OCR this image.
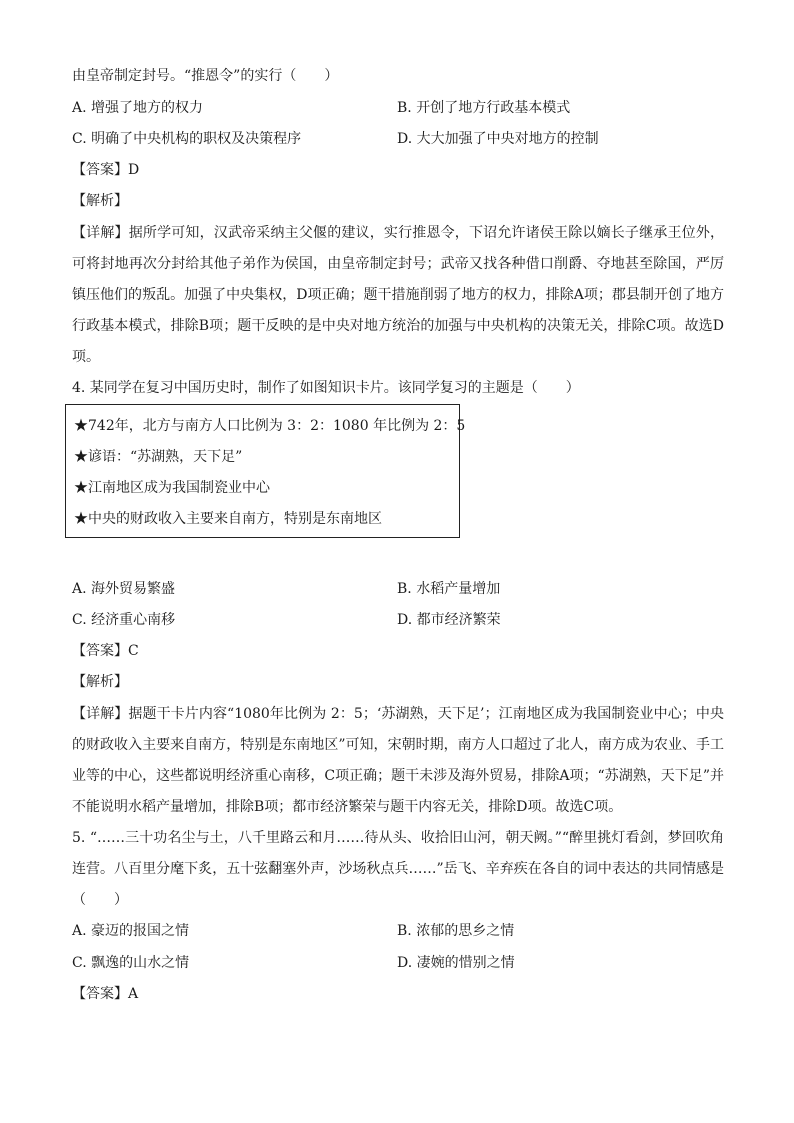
由皇帝制定封号。“推恩令”的实行（　　）
A. 增强了地方的权力	B. 开创了地方行政基本模式
C. 明确了中央机构的职权及决策程序	D. 大大加强了中央对地方的控制
【答案】D
【解析】
【详解】据所学可知，汉武帝采纳主父偃的建议，实行推恩令，下诏允许诸侯王除以嫡长子继承王位外，可将封地再次分封给其他子弟作为侯国，由皇帝制定封号；武帝又找各种借口削爵、夺地甚至除国，严厉镇压他们的叛乱。加强了中央集权，D项正确；题干措施削弱了地方的权力，排除A项；郡县制开创了地方行政基本模式，排除B项；题干反映的是中央对地方统治的加强与中央机构的决策无关，排除C项。故选D项。
4. 某同学在复习中国历史时，制作了如图知识卡片。该同学复习的主题是（　　）
★742年，北方与南方人口比例为 3：2：1080 年比例为 2：5
★谚语：“苏湖熟，天下足”
★江南地区成为我国制瓷业中心
★中央的财政收入主要来自南方，特别是东南地区
A. 海外贸易繁盛	B. 水稻产量增加
C. 经济重心南移	D. 都市经济繁荣
【答案】C
【解析】
【详解】据题干卡片内容“1080年比例为 2：5；‘苏湖熟，天下足’；江南地区成为我国制瓷业中心；中央的财政收入主要来自南方，特别是东南地区”可知，宋朝时期，南方人口超过了北人，南方成为农业、手工业等的中心，这些都说明经济重心南移，C项正确；题干未涉及海外贸易，排除A项；“苏湖熟，天下足”并不能说明水稻产量增加，排除B项；都市经济繁荣与题干内容无关，排除D项。故选C项。
5. “……三十功名尘与土，八千里路云和月……待从头、收拾旧山河，朝天阙。”“醉里挑灯看剑，梦回吹角连营。八百里分麾下炙，五十弦翻塞外声，沙场秋点兵……”岳飞、辛弃疾在各自的词中表达的共同情感是（　　）
A. 豪迈的报国之情	B. 浓郁的思乡之情
C. 飘逸的山水之情	D. 凄婉的惜别之情
【答案】A
